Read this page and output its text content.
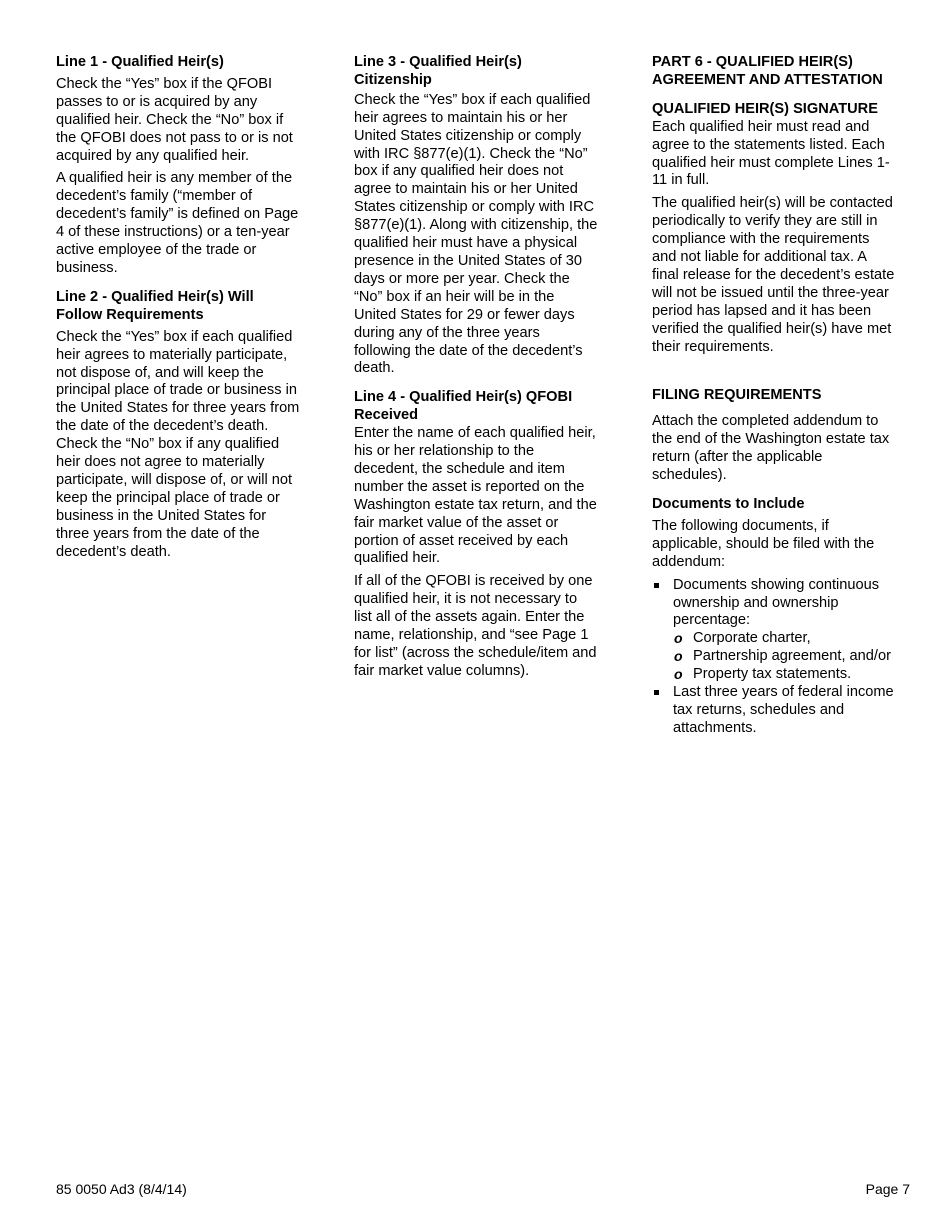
Line 1 - Qualified Heir(s)

Check the “Yes” box if the QFOBI passes to or is acquired by any qualified heir. Check the “No” box if the QFOBI does not pass to or is not acquired by any qualified heir.

A qualified heir is any member of the decedent’s family (“member of decedent’s family” is defined on Page 4 of these instructions) or a ten-year active employee of the trade or business.

Line 2 - Qualified Heir(s) Will Follow Requirements

Check the “Yes” box if each qualified heir agrees to materially participate, not dispose of, and will keep the principal place of trade or business in the United States for three years from the date of the decedent’s death. Check the “No” box if any qualified heir does not agree to materially participate, will dispose of, or will not keep the principal place of trade or business in the United States for three years from the date of the decedent’s death.

Line 3 - Qualified Heir(s) Citizenship

Check the “Yes” box if each qualified heir agrees to maintain his or her United States citizenship or comply with IRC §877(e)(1). Check the “No” box if any qualified heir does not agree to maintain his or her United States citizenship or comply with IRC §877(e)(1). Along with citizenship, the qualified heir must have a physical presence in the United States of 30 days or more per year. Check the “No” box if an heir will be in the United States for 29 or fewer days during any of the three years following the date of the decedent’s death.

Line 4 - Qualified Heir(s) QFOBI Received

Enter the name of each qualified heir, his or her relationship to the decedent, the schedule and item number the asset is reported on the Washington estate tax return, and the fair market value of the asset or portion of asset received by each qualified heir.

If all of the QFOBI is received by one qualified heir, it is not necessary to list all of the assets again. Enter the name, relationship, and “see Page 1 for list” (across the schedule/item and fair market value columns).

PART 6 - QUALIFIED HEIR(S) AGREEMENT AND ATTESTATION

QUALIFIED HEIR(S) SIGNATURE

Each qualified heir must read and agree to the statements listed. Each qualified heir must complete Lines 1-11 in full.

The qualified heir(s) will be contacted periodically to verify they are still in compliance with the requirements and not liable for additional tax. A final release for the decedent’s estate will not be issued until the three-year period has lapsed and it has been verified the qualified heir(s) have met their requirements.

FILING REQUIREMENTS

Attach the completed addendum to the end of the Washington estate tax return (after the applicable schedules).

Documents to Include

The following documents, if applicable, should be filed with the addendum:

Documents showing continuous ownership and ownership percentage:
o Corporate charter,
o Partnership agreement, and/or
o Property tax statements.
Last three years of federal income tax returns, schedules and attachments.
85 0050 Ad3 (8/4/14)	Page 7
